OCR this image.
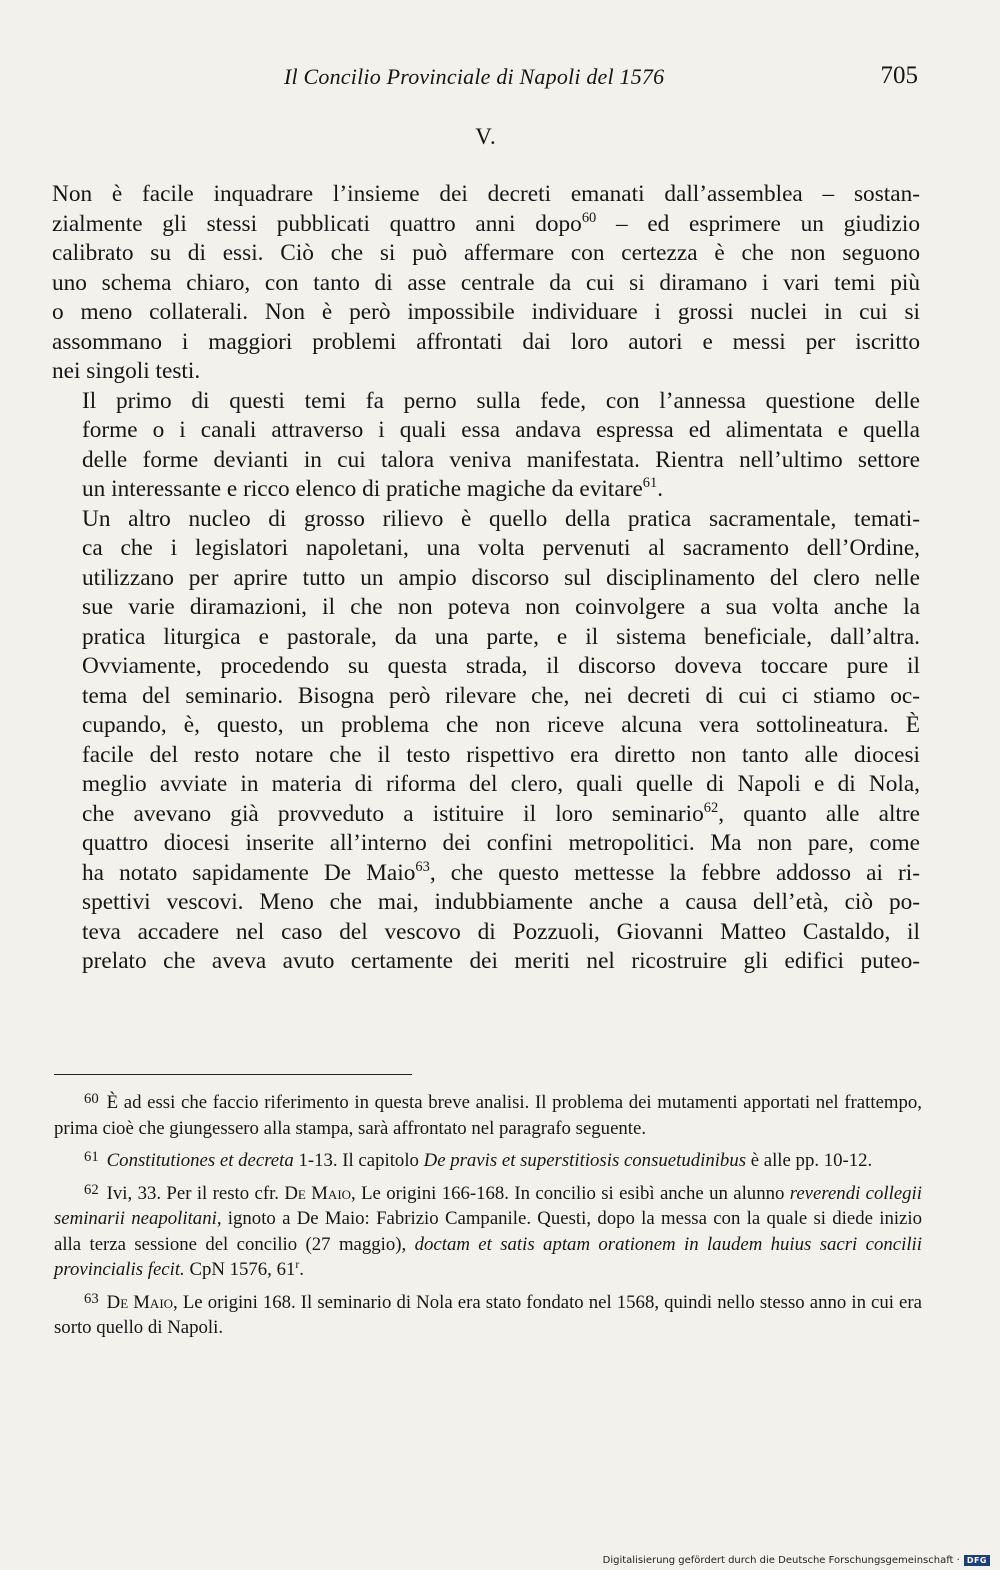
Il Concilio Provinciale di Napoli del 1576	705
V.

Non è facile inquadrare l’insieme dei decreti emanati dall’assemblea – sostan-
zialmente gli stessi pubblicati quattro anni dopo$^{60}$ – ed esprimere un giudizio
calibrato su di essi. Ciò che si può affermare con certezza è che non seguono
uno schema chiaro, con tanto di asse centrale da cui si diramano i vari temi più
o meno collaterali. Non è però impossibile individuare i grossi nuclei in cui si
assommano i maggiori problemi affrontati dai loro autori e messi per iscritto
nei singoli testi.

Il primo di questi temi fa perno sulla fede, con l’annessa questione delle
forme o i canali attraverso i quali essa andava espressa ed alimentata e quella
delle forme devianti in cui talora veniva manifestata. Rientra nell’ultimo settore
un interessante e ricco elenco di pratiche magiche da evitare$^{61}$.

Un altro nucleo di grosso rilievo è quello della pratica sacramentale, temati-
ca che i legislatori napoletani, una volta pervenuti al sacramento dell’Ordine,
utilizzano per aprire tutto un ampio discorso sul disciplinamento del clero nelle
sue varie diramazioni, il che non poteva non coinvolgere a sua volta anche la
pratica liturgica e pastorale, da una parte, e il sistema beneficiale, dall’altra.
Ovviamente, procedendo su questa strada, il discorso doveva toccare pure il
tema del seminario. Bisogna però rilevare che, nei decreti di cui ci stiamo oc-
cupando, è, questo, un problema che non riceve alcuna vera sottolineatura. È
facile del resto notare che il testo rispettivo era diretto non tanto alle diocesi
meglio avviate in materia di riforma del clero, quali quelle di Napoli e di Nola,
che avevano già provveduto a istituire il loro seminario$^{62}$, quanto alle altre
quattro diocesi inserite all’interno dei confini metropolitici. Ma non pare, come
ha notato sapidamente De Maio$^{63}$, che questo mettesse la febbre addosso ai ri-
spettivi vescovi. Meno che mai, indubbiamente anche a causa dell’età, ciò po-
teva accadere nel caso del vescovo di Pozzuoli, Giovanni Matteo Castaldo, il
prelato che aveva avuto certamente dei meriti nel ricostruire gli edifici puteo-

$^{60}$ È ad essi che faccio riferimento in questa breve analisi. Il problema dei mutamenti apportati nel frattempo, prima cioè che giungessero alla stampa, sarà affrontato nel paragrafo seguente.

$^{61}$ Constitutiones et decreta 1-13. Il capitolo De pravis et superstitiosis consuetudinibus è alle pp. 10-12.

$^{62}$ Ivi, 33. Per il resto cfr. De Maio, Le origini 166-168. In concilio si esibì anche un alunno reverendi collegii seminarii neapolitani, ignoto a De Maio: Fabrizio Campanile. Questi, dopo la messa con la quale si diede inizio alla terza sessione del concilio (27 maggio), doctam et satis aptam orationem in laudem huius sacri concilii provincialis fecit. CpN 1576, 61$^r$.

$^{63}$ De Maio, Le origini 168. Il seminario di Nola era stato fondato nel 1568, quindi nello stesso anno in cui era sorto quello di Napoli.

Digitalisierung gefördert durch die Deutsche Forschungsgemeinschaft · DFG
